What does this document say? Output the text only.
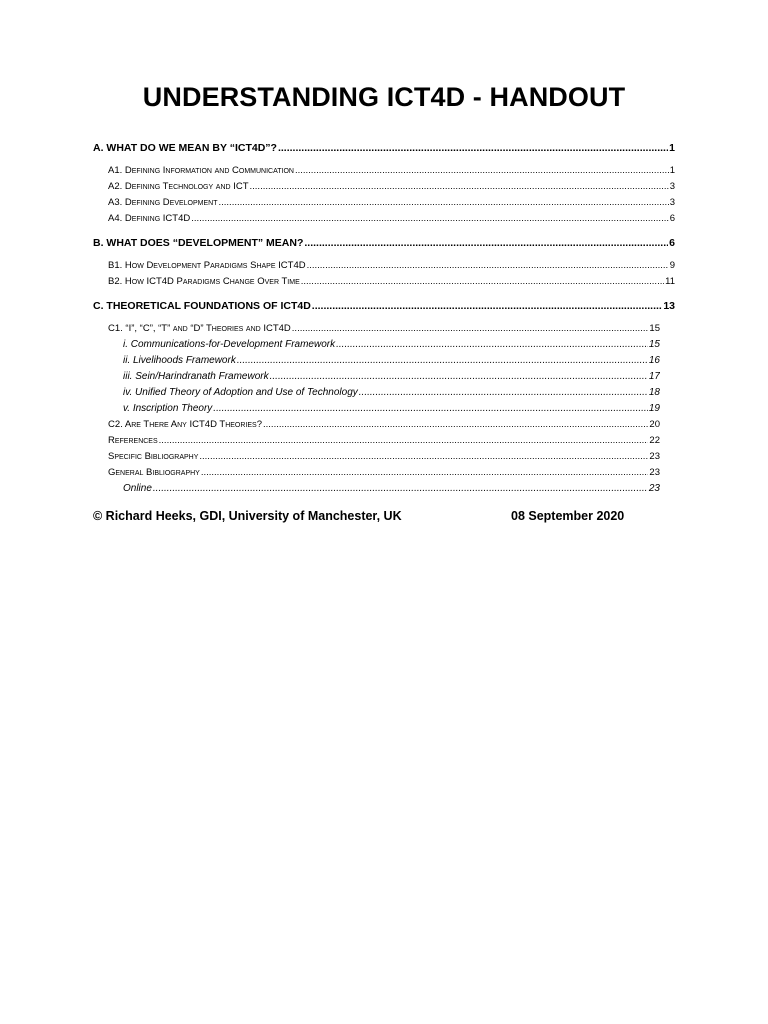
UNDERSTANDING ICT4D - HANDOUT
A. WHAT DO WE MEAN BY “ICT4D”? .....	1
A1. Defining Information and Communication .....	1
A2. Defining Technology and ICT .....	3
A3. Defining Development .....	3
A4. Defining ICT4D .....	6
B. WHAT DOES “DEVELOPMENT” MEAN? .....	6
B1. How Development Paradigms Shape ICT4D .....	9
B2. How ICT4D Paradigms Change Over Time .....	11
C. THEORETICAL FOUNDATIONS OF ICT4D .....	13
C1. “I”, “C”, “T” and “D” Theories and ICT4D .....	15
i. Communications-for-Development Framework .....	15
ii. Livelihoods Framework .....	16
iii. Sein/Harindranath Framework .....	17
iv. Unified Theory of Adoption and Use of Technology .....	18
v. Inscription Theory .....	19
C2. Are There Any ICT4D Theories? .....	20
References .....	22
Specific Bibliography .....	23
General Bibliography .....	23
Online .....	23
© Richard Heeks, GDI, University of Manchester, UK	08 September 2020
